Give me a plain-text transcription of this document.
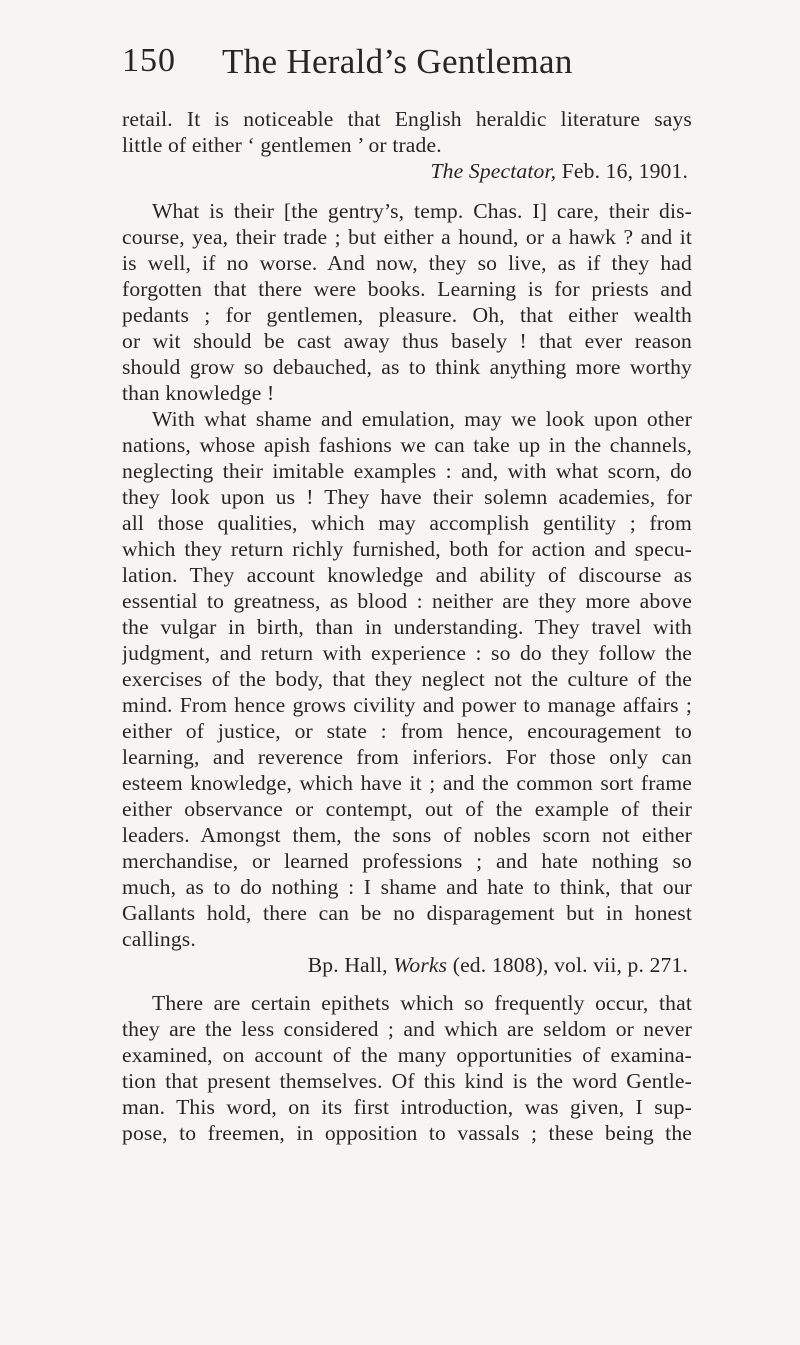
150 The Herald’s Gentleman
retail. It is noticeable that English heraldic literature says
little of either ‘ gentlemen ’ or trade.
The Spectator, Feb. 16, 1901.
What is their [the gentry’s, temp. Chas. I] care, their dis-
course, yea, their trade ; but either a hound, or a hawk ? and it
is well, if no worse. And now, they so live, as if they had
forgotten that there were books. Learning is for priests and
pedants ; for gentlemen, pleasure. Oh, that either wealth
or wit should be cast away thus basely ! that ever reason
should grow so debauched, as to think anything more worthy
than knowledge !
With what shame and emulation, may we look upon other
nations, whose apish fashions we can take up in the channels,
neglecting their imitable examples : and, with what scorn, do
they look upon us ! They have their solemn academies, for
all those qualities, which may accomplish gentility ; from
which they return richly furnished, both for action and specu-
lation. They account knowledge and ability of discourse as
essential to greatness, as blood : neither are they more above
the vulgar in birth, than in understanding. They travel with
judgment, and return with experience : so do they follow the
exercises of the body, that they neglect not the culture of the
mind. From hence grows civility and power to manage affairs ;
either of justice, or state : from hence, encouragement to
learning, and reverence from inferiors. For those only can
esteem knowledge, which have it ; and the common sort frame
either observance or contempt, out of the example of their
leaders. Amongst them, the sons of nobles scorn not either
merchandise, or learned professions ; and hate nothing so
much, as to do nothing : I shame and hate to think, that our
Gallants hold, there can be no disparagement but in honest
callings.
Bp. Hall, Works (ed. 1808), vol. vii, p. 271.
There are certain epithets which so frequently occur, that
they are the less considered ; and which are seldom or never
examined, on account of the many opportunities of examina-
tion that present themselves. Of this kind is the word Gentle-
man. This word, on its first introduction, was given, I sup-
pose, to freemen, in opposition to vassals ; these being the
